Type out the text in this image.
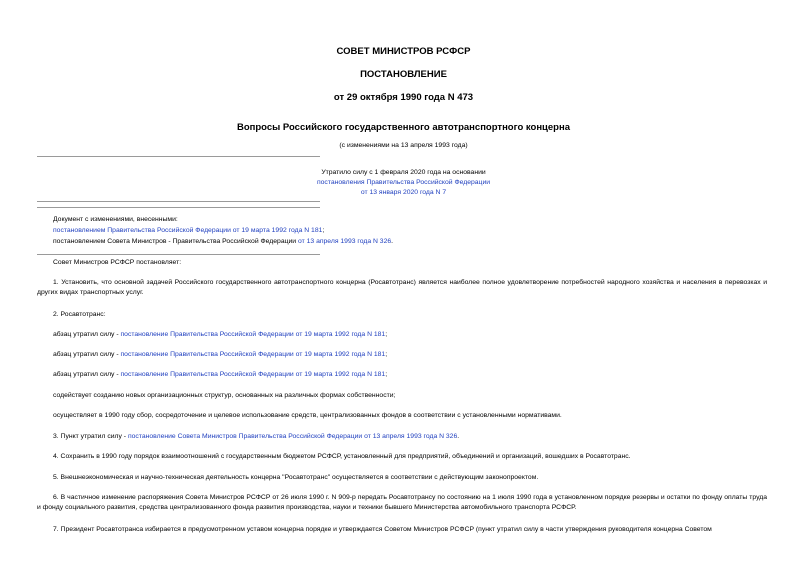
СОВЕТ МИНИСТРОВ РСФСР
ПОСТАНОВЛЕНИЕ
от 29 октября 1990 года N 473
Вопросы Российского государственного автотранспортного концерна
(с изменениями на 13 апреля 1993 года)
Утратило силу с 1 февраля 2020 года на основании
постановления Правительства Российской Федерации
от 13 января 2020 года N 7
Документ с изменениями, внесенными:
постановлением Правительства Российской Федерации от 19 марта 1992 года N 181;
постановлением Совета Министров - Правительства Российской Федерации от 13 апреля 1993 года N 326.
Совет Министров РСФСР постановляет:
1. Установить, что основной задачей Российского государственного автотранспортного концерна (Росавтотранс) является наиболее полное удовлетворение потребностей народного хозяйства и населения в перевозках и других видах транспортных услуг.
2. Росавтотранс:
абзац утратил силу - постановление Правительства Российской Федерации от 19 марта 1992 года N 181;
абзац утратил силу - постановление Правительства Российской Федерации от 19 марта 1992 года N 181;
абзац утратил силу - постановление Правительства Российской Федерации от 19 марта 1992 года N 181;
содействует созданию новых организационных структур, основанных на различных формах собственности;
осуществляет в 1990 году сбор, сосредоточение и целевое использование средств, централизованных фондов в соответствии с установленными нормативами.
3. Пункт утратил силу - постановление Совета Министров Правительства Российской Федерации от 13 апреля 1993 года N 326.
4. Сохранить в 1990 году порядок взаимоотношений с государственным бюджетом РСФСР, установленный для предприятий, объединений и организаций, вошедших в Росавтотранс.
5. Внешнеэкономическая и научно-техническая деятельность концерна "Росавтотранс" осуществляется в соответствии с действующим законопроектом.
6. В частичное изменение распоряжения Совета Министров РСФСР от 26 июля 1990 г. N 909-р передать Росавтотрансу по состоянию на 1 июля 1990 года в установленном порядке резервы и остатки по фонду оплаты труда и фонду социального развития, средства централизованного фонда развития производства, науки и техники бывшего Министерства автомобильного транспорта РСФСР.
7. Президент Росавтотранса избирается в предусмотренном уставом концерна порядке и утверждается Советом Министров РСФСР (пункт утратил силу в части утверждения руководителя концерна Советом
